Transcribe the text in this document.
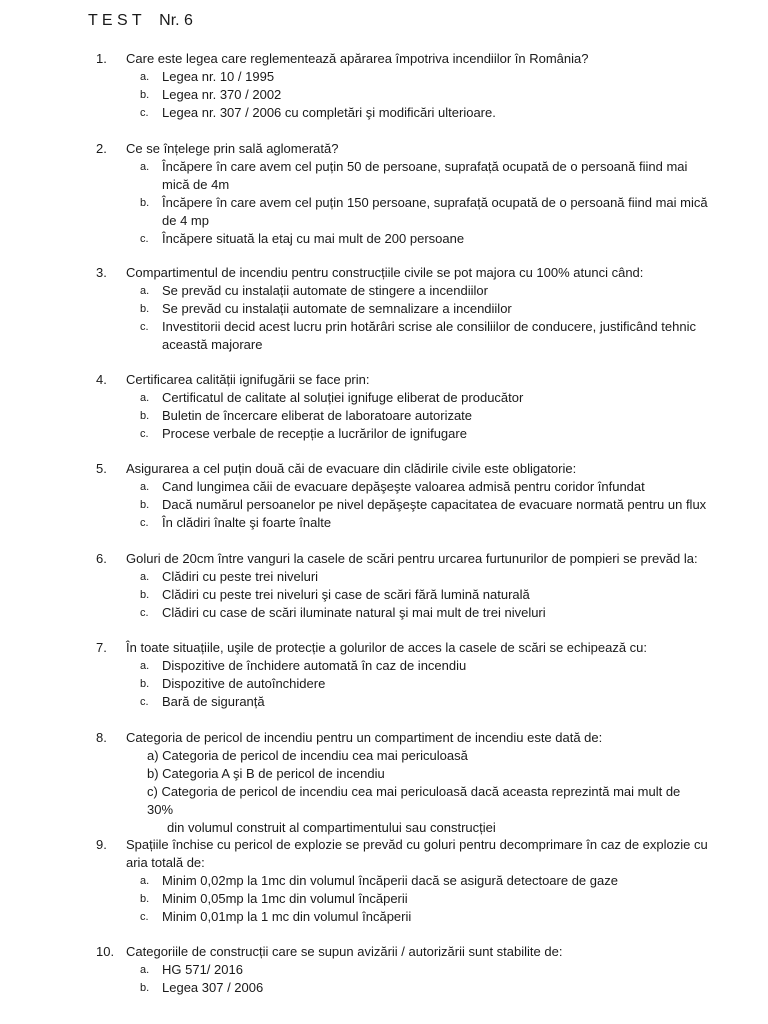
T E S T    Nr. 6
1.	Care este legea care reglementează apărarea împotriva incendiilor în România?
a. Legea nr. 10 / 1995
b. Legea nr. 370 / 2002
c. Legea nr. 307 / 2006 cu completări şi modificări ulterioare.
2.	Ce se înțelege prin sală aglomerată?
a. Încăpere în care avem cel puțin 50 de persoane, suprafață ocupată de o persoană fiind mai mică de 4m
b. Încăpere în care avem cel puțin 150 persoane, suprafață ocupată de o persoană fiind mai mică de 4 mp
c. Încăpere situată la etaj cu mai mult de 200 persoane
3.	Compartimentul de incendiu pentru construcțiile civile se pot majora cu 100% atunci când:
a. Se prevăd cu instalații automate de stingere a incendiilor
b. Se prevăd cu instalații automate de semnalizare a incendiilor
c. Investitorii decid acest lucru prin hotărâri scrise ale consiliilor de conducere, justificând tehnic această majorare
4.	Certificarea calității ignifugării se face prin:
a. Certificatul de calitate al soluției ignifuge eliberat de producător
b. Buletin de încercare eliberat de laboratoare autorizate
c. Procese verbale de recepție a lucrărilor de ignifugare
5.	Asigurarea a cel puțin două căi de evacuare din clădirile civile este obligatorie:
a. Cand lungimea căii de evacuare depăşeşte valoarea admisă pentru coridor înfundat
b. Dacă numărul persoanelor pe nivel depăşeşte capacitatea de evacuare normată pentru un flux
c. În clădiri înalte şi foarte înalte
6.	Goluri de 20cm între vanguri la casele de scări pentru urcarea furtunurilor de pompieri se prevăd la:
a. Clădiri cu peste trei niveluri
b. Clădiri cu peste trei niveluri şi case de scări fără lumină naturală
c. Clădiri cu case de scări iluminate natural şi mai mult de trei niveluri
7.	În toate situațiile, uşile de protecție a golurilor de acces la casele de scări se echipează cu:
a. Dispozitive de închidere automată în caz de incendiu
b. Dispozitive de autoînchidere
c. Bară de siguranță
8.	Categoria de pericol de incendiu pentru un compartiment de incendiu este dată de:
a) Categoria de pericol de incendiu cea mai periculoasă
b) Categoria A şi B de pericol de incendiu
c) Categoria de pericol de incendiu cea mai periculoasă dacă aceasta reprezintă mai mult de 30%
din volumul construit al compartimentului sau construcției
9.	Spațiile închise cu pericol de explozie se prevăd cu goluri pentru decomprimare în caz de explozie cu aria totală de:
a. Minim 0,02mp la 1mc din volumul încăperii dacă se asigură detectoare de gaze
b. Minim 0,05mp la 1mc din volumul încăperii
c. Minim 0,01mp la 1 mc din volumul încăperii
10. Categoriile de construcții care se supun avizării / autorizării sunt stabilite de:
a. HG 571/ 2016
b. Legea 307 / 2006
